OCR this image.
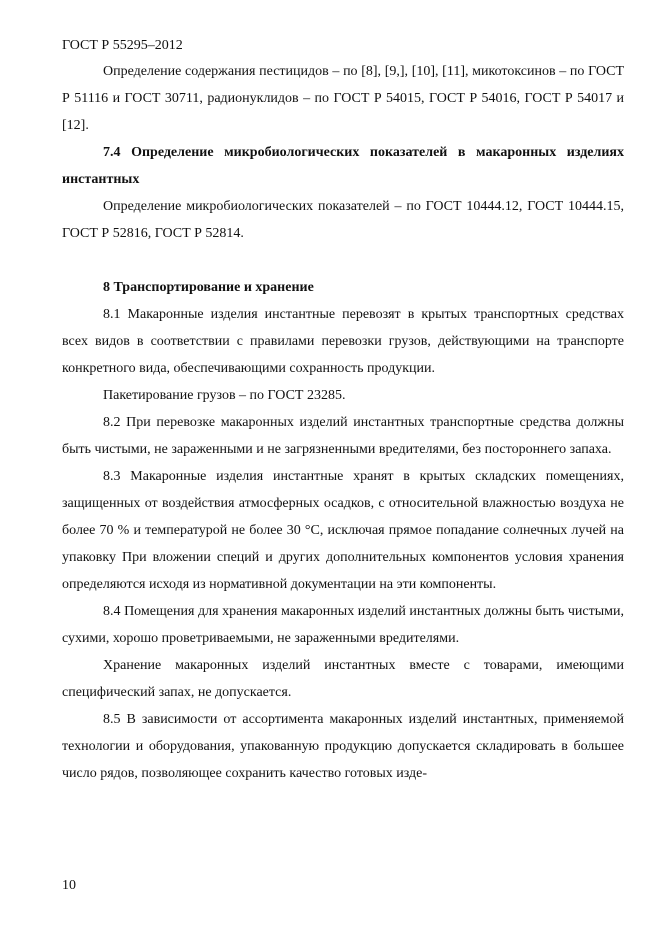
ГОСТ Р 55295–2012

Определение содержания пестицидов – по [8], [9,], [10], [11], микотоксинов – по ГОСТ Р 51116 и ГОСТ 30711, радионуклидов – по ГОСТ Р 54015, ГОСТ Р 54016, ГОСТ Р 54017 и [12].

7.4 Определение микробиологических показателей в макаронных изделиях инстантных

Определение микробиологических показателей – по ГОСТ 10444.12, ГОСТ 10444.15, ГОСТ Р 52816, ГОСТ Р 52814.

8 Транспортирование и хранение

8.1 Макаронные изделия инстантные перевозят в крытых транспортных средствах всех видов в соответствии с правилами перевозки грузов, действующими на транспорте конкретного вида, обеспечивающими сохранность продукции.

Пакетирование грузов – по ГОСТ 23285.

8.2 При перевозке макаронных изделий инстантных транспортные средства должны быть чистыми, не зараженными и не загрязненными вредителями, без постороннего запаха.

8.3 Макаронные изделия инстантные хранят в крытых складских помещениях, защищенных от воздействия атмосферных осадков, с относительной влажностью воздуха не более 70 % и температурой не более 30 °С, исключая прямое попадание солнечных лучей на упаковку При вложении специй и других дополнительных компонентов условия хранения определяются исходя из нормативной документации на эти компоненты.

8.4 Помещения для хранения макаронных изделий инстантных должны быть чистыми, сухими, хорошо проветриваемыми, не зараженными вредителями.

Хранение макаронных изделий инстантных вместе с товарами, имеющими специфический запах, не допускается.

8.5 В зависимости от ассортимента макаронных изделий инстантных, применяемой технологии и оборудования, упакованную продукцию допускается складировать в большее число рядов, позволяющее сохранить качество готовых изде-

10
